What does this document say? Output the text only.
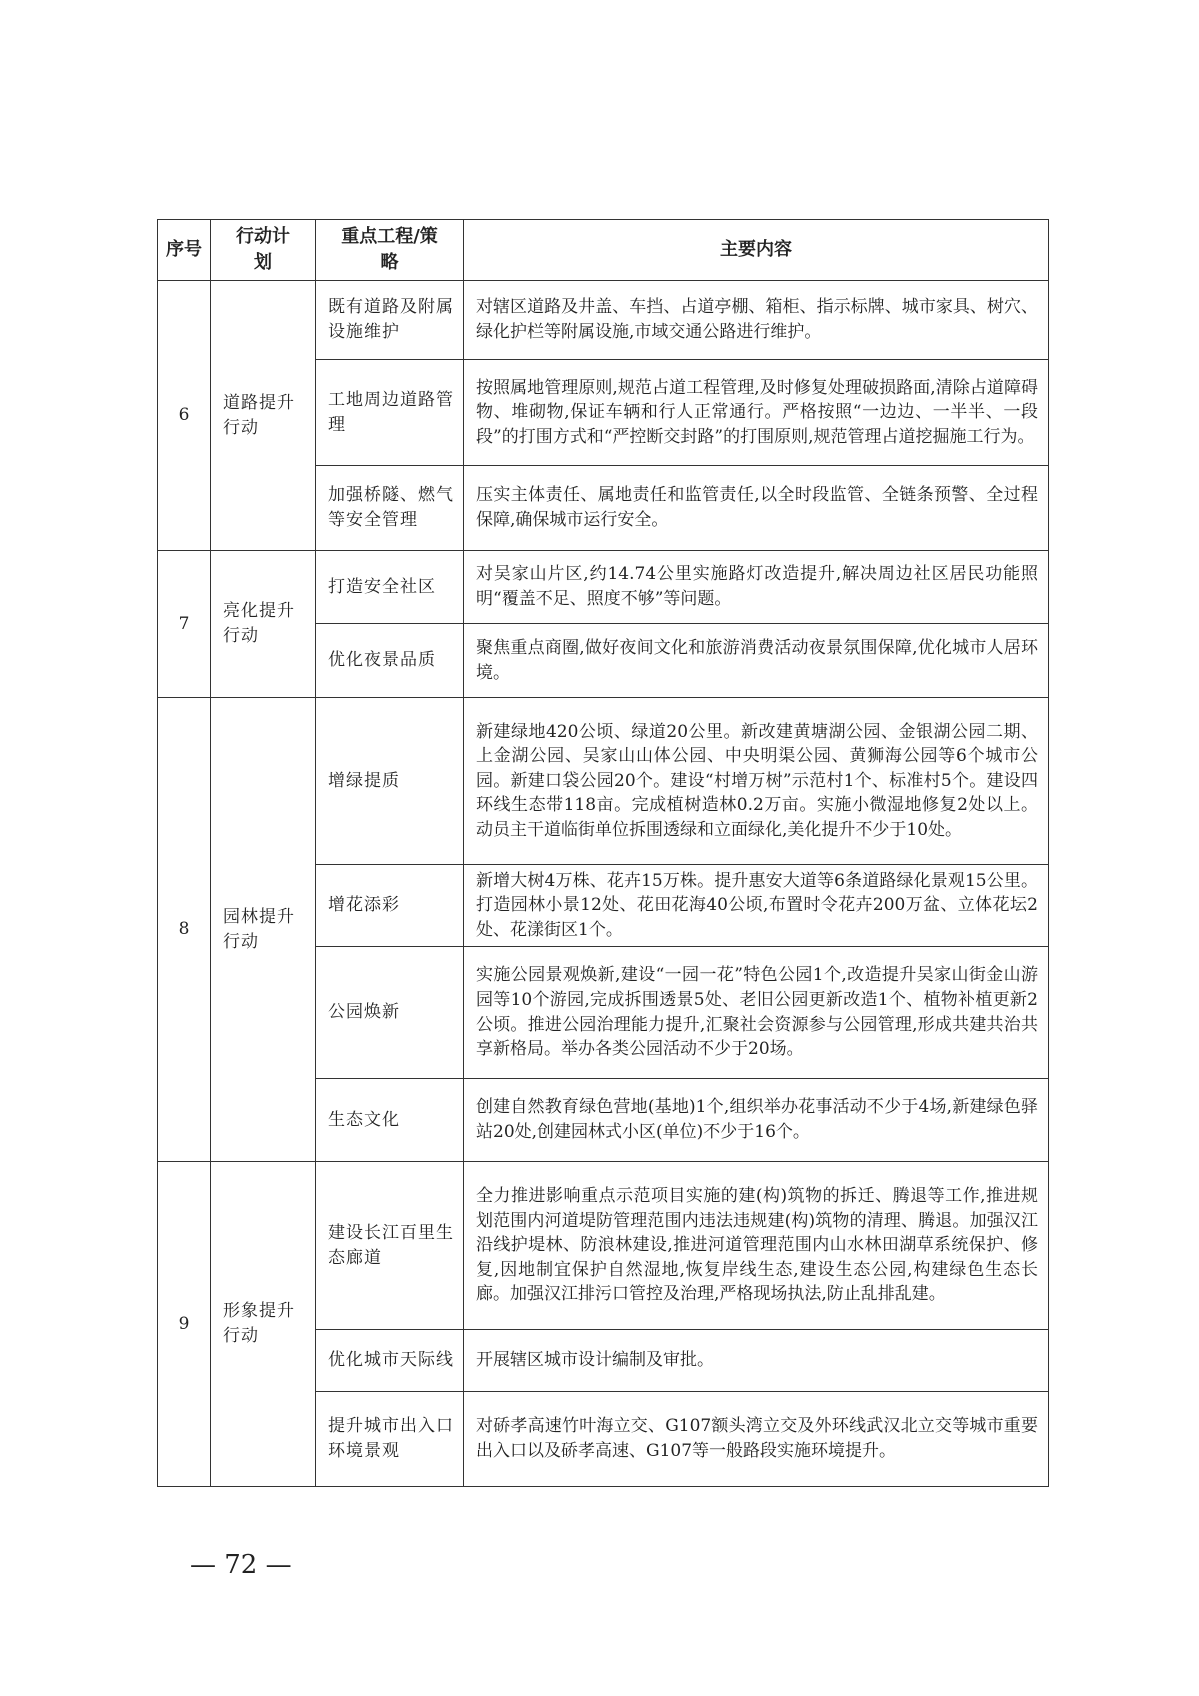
序号	行动计划	重点工程/策略	主要内容
6	道路提升行动	既有道路及附属设施维护	对辖区道路及井盖、车挡、占道亭棚、箱柜、指示标牌、城市家具、树穴、绿化护栏等附属设施,市域交通公路进行维护。
		工地周边道路管理	按照属地管理原则,规范占道工程管理,及时修复处理破损路面,清除占道障碍物、堆砌物,保证车辆和行人正常通行。严格按照“一边边、一半半、一段段”的打围方式和“严控断交封路”的打围原则,规范管理占道挖掘施工行为。
		加强桥隧、燃气等安全管理	压实主体责任、属地责任和监管责任,以全时段监管、全链条预警、全过程保障,确保城市运行安全。
7	亮化提升行动	打造安全社区	对吴家山片区,约14.74公里实施路灯改造提升,解决周边社区居民功能照明“覆盖不足、照度不够”等问题。
		优化夜景品质	聚焦重点商圈,做好夜间文化和旅游消费活动夜景氛围保障,优化城市人居环境。
8	园林提升行动	增绿提质	新建绿地420公顷、绿道20公里。新改建黄塘湖公园、金银湖公园二期、上金湖公园、吴家山山体公园、中央明渠公园、黄狮海公园等6个城市公园。新建口袋公园20个。建设“村增万树”示范村1个、标准村5个。建设四环线生态带118亩。完成植树造林0.2万亩。实施小微湿地修复2处以上。动员主干道临街单位拆围透绿和立面绿化,美化提升不少于10处。
		增花添彩	新增大树4万株、花卉15万株。提升惠安大道等6条道路绿化景观15公里。打造园林小景12处、花田花海40公顷,布置时令花卉200万盆、立体花坛2处、花漾街区1个。
		公园焕新	实施公园景观焕新,建设“一园一花”特色公园1个,改造提升吴家山街金山游园等10个游园,完成拆围透景5处、老旧公园更新改造1个、植物补植更新2公顷。推进公园治理能力提升,汇聚社会资源参与公园管理,形成共建共治共享新格局。举办各类公园活动不少于20场。
		生态文化	创建自然教育绿色营地(基地)1个,组织举办花事活动不少于4场,新建绿色驿站20处,创建园林式小区(单位)不少于16个。
9	形象提升行动	建设长江百里生态廊道	全力推进影响重点示范项目实施的建(构)筑物的拆迁、腾退等工作,推进规划范围内河道堤防管理范围内违法违规建(构)筑物的清理、腾退。加强汉江沿线护堤林、防浪林建设,推进河道管理范围内山水林田湖草系统保护、修复,因地制宜保护自然湿地,恢复岸线生态,建设生态公园,构建绿色生态长廊。加强汉江排污口管控及治理,严格现场执法,防止乱排乱建。
		优化城市天际线	开展辖区城市设计编制及审批。
		提升城市出入口环境景观	对硚孝高速竹叶海立交、G107额头湾立交及外环线武汉北立交等城市重要出入口以及硚孝高速、G107等一般路段实施环境提升。
— 72 —
